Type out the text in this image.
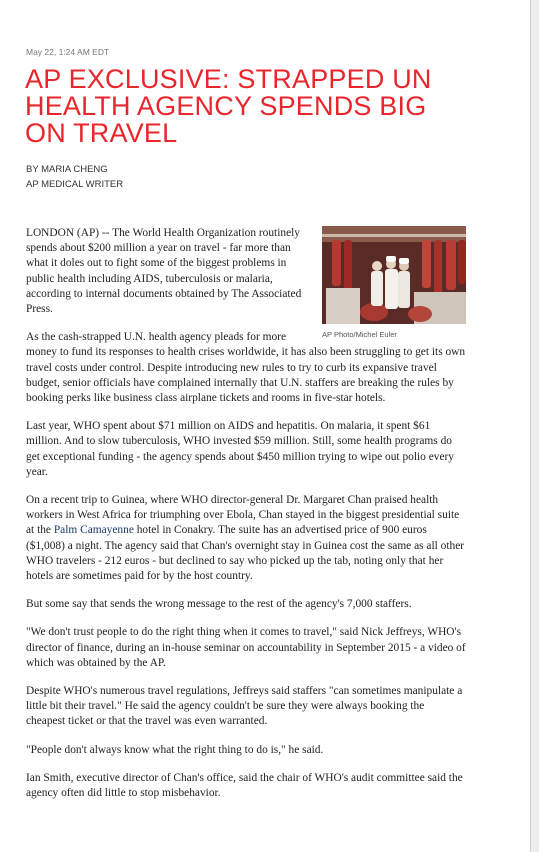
May 22, 1:24 AM EDT
AP EXCLUSIVE: STRAPPED UN HEALTH AGENCY SPENDS BIG ON TRAVEL
BY MARIA CHENG
AP MEDICAL WRITER
AP Photo/Michel Euler

LONDON (AP) -- The World Health Organization routinely spends about $200 million a year on travel - far more than what it doles out to fight some of the biggest problems in public health including AIDS, tuberculosis or malaria, according to internal documents obtained by The Associated Press.

As the cash-strapped U.N. health agency pleads for more money to fund its responses to health crises worldwide, it has also been struggling to get its own travel costs under control. Despite introducing new rules to try to curb its expansive travel budget, senior officials have complained internally that U.N. staffers are breaking the rules by booking perks like business class airplane tickets and rooms in five-star hotels.

Last year, WHO spent about $71 million on AIDS and hepatitis. On malaria, it spent $61 million. And to slow tuberculosis, WHO invested $59 million. Still, some health programs do get exceptional funding - the agency spends about $450 million trying to wipe out polio every year.

On a recent trip to Guinea, where WHO director-general Dr. Margaret Chan praised health workers in West Africa for triumphing over Ebola, Chan stayed in the biggest presidential suite at the Palm Camayenne hotel in Conakry. The suite has an advertised price of 900 euros ($1,008) a night. The agency said that Chan's overnight stay in Guinea cost the same as all other WHO travelers - 212 euros - but declined to say who picked up the tab, noting only that her hotels are sometimes paid for by the host country.

But some say that sends the wrong message to the rest of the agency's 7,000 staffers.

"We don't trust people to do the right thing when it comes to travel," said Nick Jeffreys, WHO's director of finance, during an in-house seminar on accountability in September 2015 - a video of which was obtained by the AP.

Despite WHO's numerous travel regulations, Jeffreys said staffers "can sometimes manipulate a little bit their travel." He said the agency couldn't be sure they were always booking the cheapest ticket or that the travel was even warranted.

"People don't always know what the right thing to do is," he said.

Ian Smith, executive director of Chan's office, said the chair of WHO's audit committee said the agency often did little to stop misbehavior.
